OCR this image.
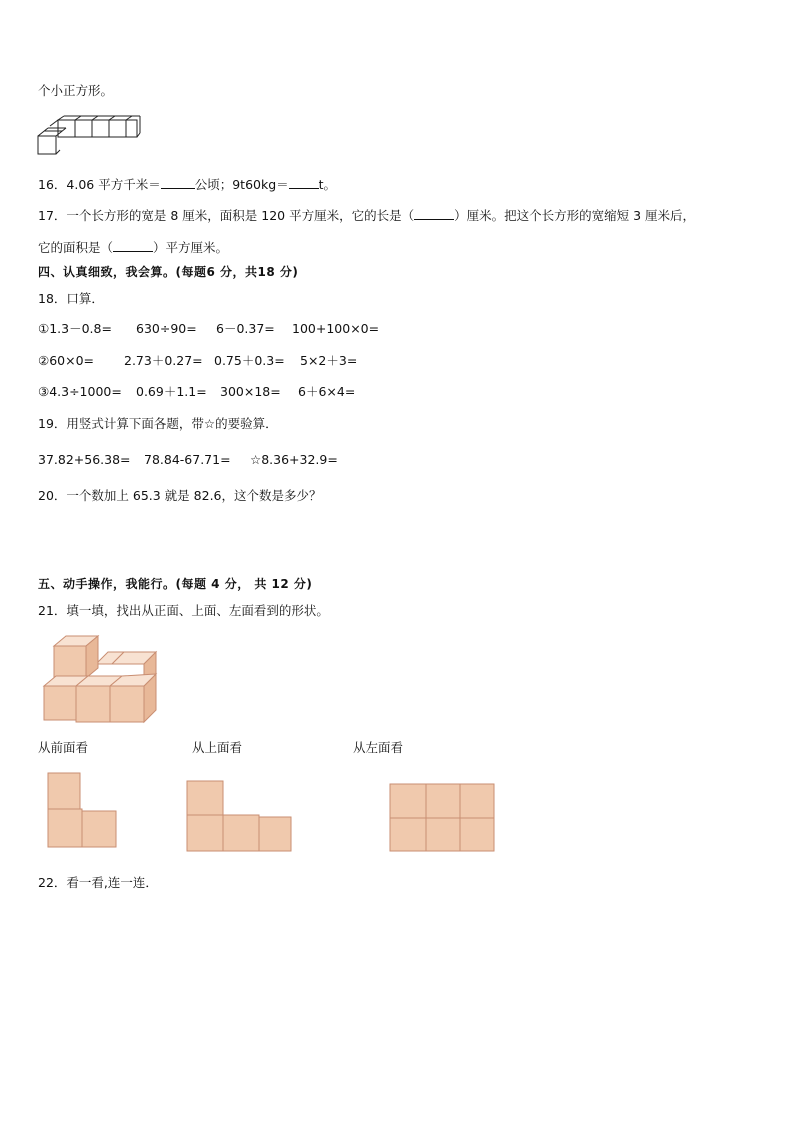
个小正方形。
16．4.06 平方千米＝	公顷；9t60kg＝ t。
17．一个长方形的宽是 8 厘米，面积是 120 平方厘米，它的长是（	）厘米。把这个长方形的宽缩短 3 厘米后，
它的面积是（	）平方厘米。
四、认真细致，我会算。(每题6 分，共18 分)
18．口算．
①1.3－0.8= 630÷90= 6－0.37= 100+100×0=
②60×0= 2.73＋0.27= 0.75＋0.3= 5×2＋3=
③4.3÷1000= 0.69＋1.1= 300×18= 6＋6×4=
19．用竖式计算下面各题，带☆的要验算．
37.82+56.38= 78.84-67.71= ☆8.36+32.9=
20．一个数加上 65.3 就是 82.6，这个数是多少？
五、动手操作，我能行。(每题 4 分， 共 12 分)
21．填一填，找出从正面、上面、左面看到的形状。
从前面看	从上面看	从左面看
22．看一看,连一连．
